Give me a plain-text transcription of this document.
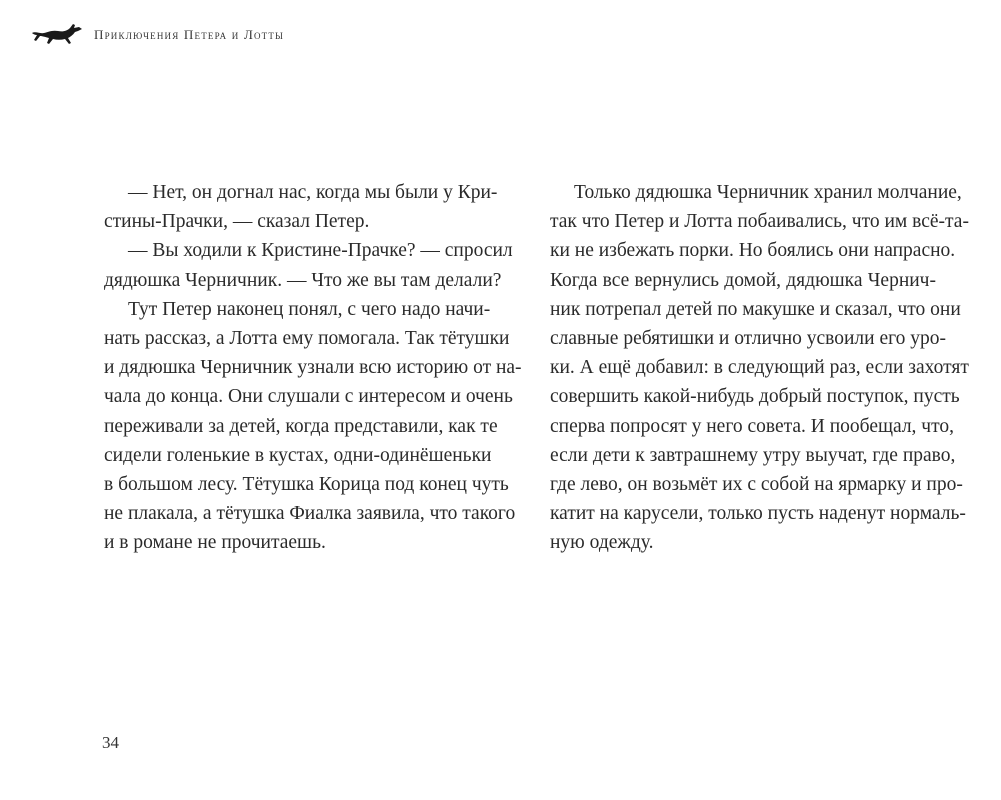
Приключения Петера и Лотты
— Нет, он догнал нас, когда мы были у Кри-
стины-Прачки, — сказал Петер.
— Вы ходили к Кристине-Прачке? — спросил
дядюшка Черничник. — Что же вы там делали?
Тут Петер наконец понял, с чего надо начи-
нать рассказ, а Лотта ему помогала. Так тётушки
и дядюшка Черничник узнали всю историю от на-
чала до конца. Они слушали с интересом и очень
переживали за детей, когда представили, как те
сидели голенькие в кустах, одни-одинёшеньки
в большом лесу. Тётушка Корица под конец чуть
не плакала, а тётушка Фиалка заявила, что такого
и в романе не прочитаешь.
Только дядюшка Черничник хранил молчание,
так что Петер и Лотта побаивались, что им всё-та-
ки не избежать порки. Но боялись они напрасно.
Когда все вернулись домой, дядюшка Чернич-
ник потрепал детей по макушке и сказал, что они
славные ребятишки и отлично усвоили его уро-
ки. А ещё добавил: в следующий раз, если захотят
совершить какой-нибудь добрый поступок, пусть
сперва попросят у него совета. И пообещал, что,
если дети к завтрашнему утру выучат, где право,
где лево, он возьмёт их с собой на ярмарку и про-
катит на карусели, только пусть наденут нормаль-
ную одежду.
34
